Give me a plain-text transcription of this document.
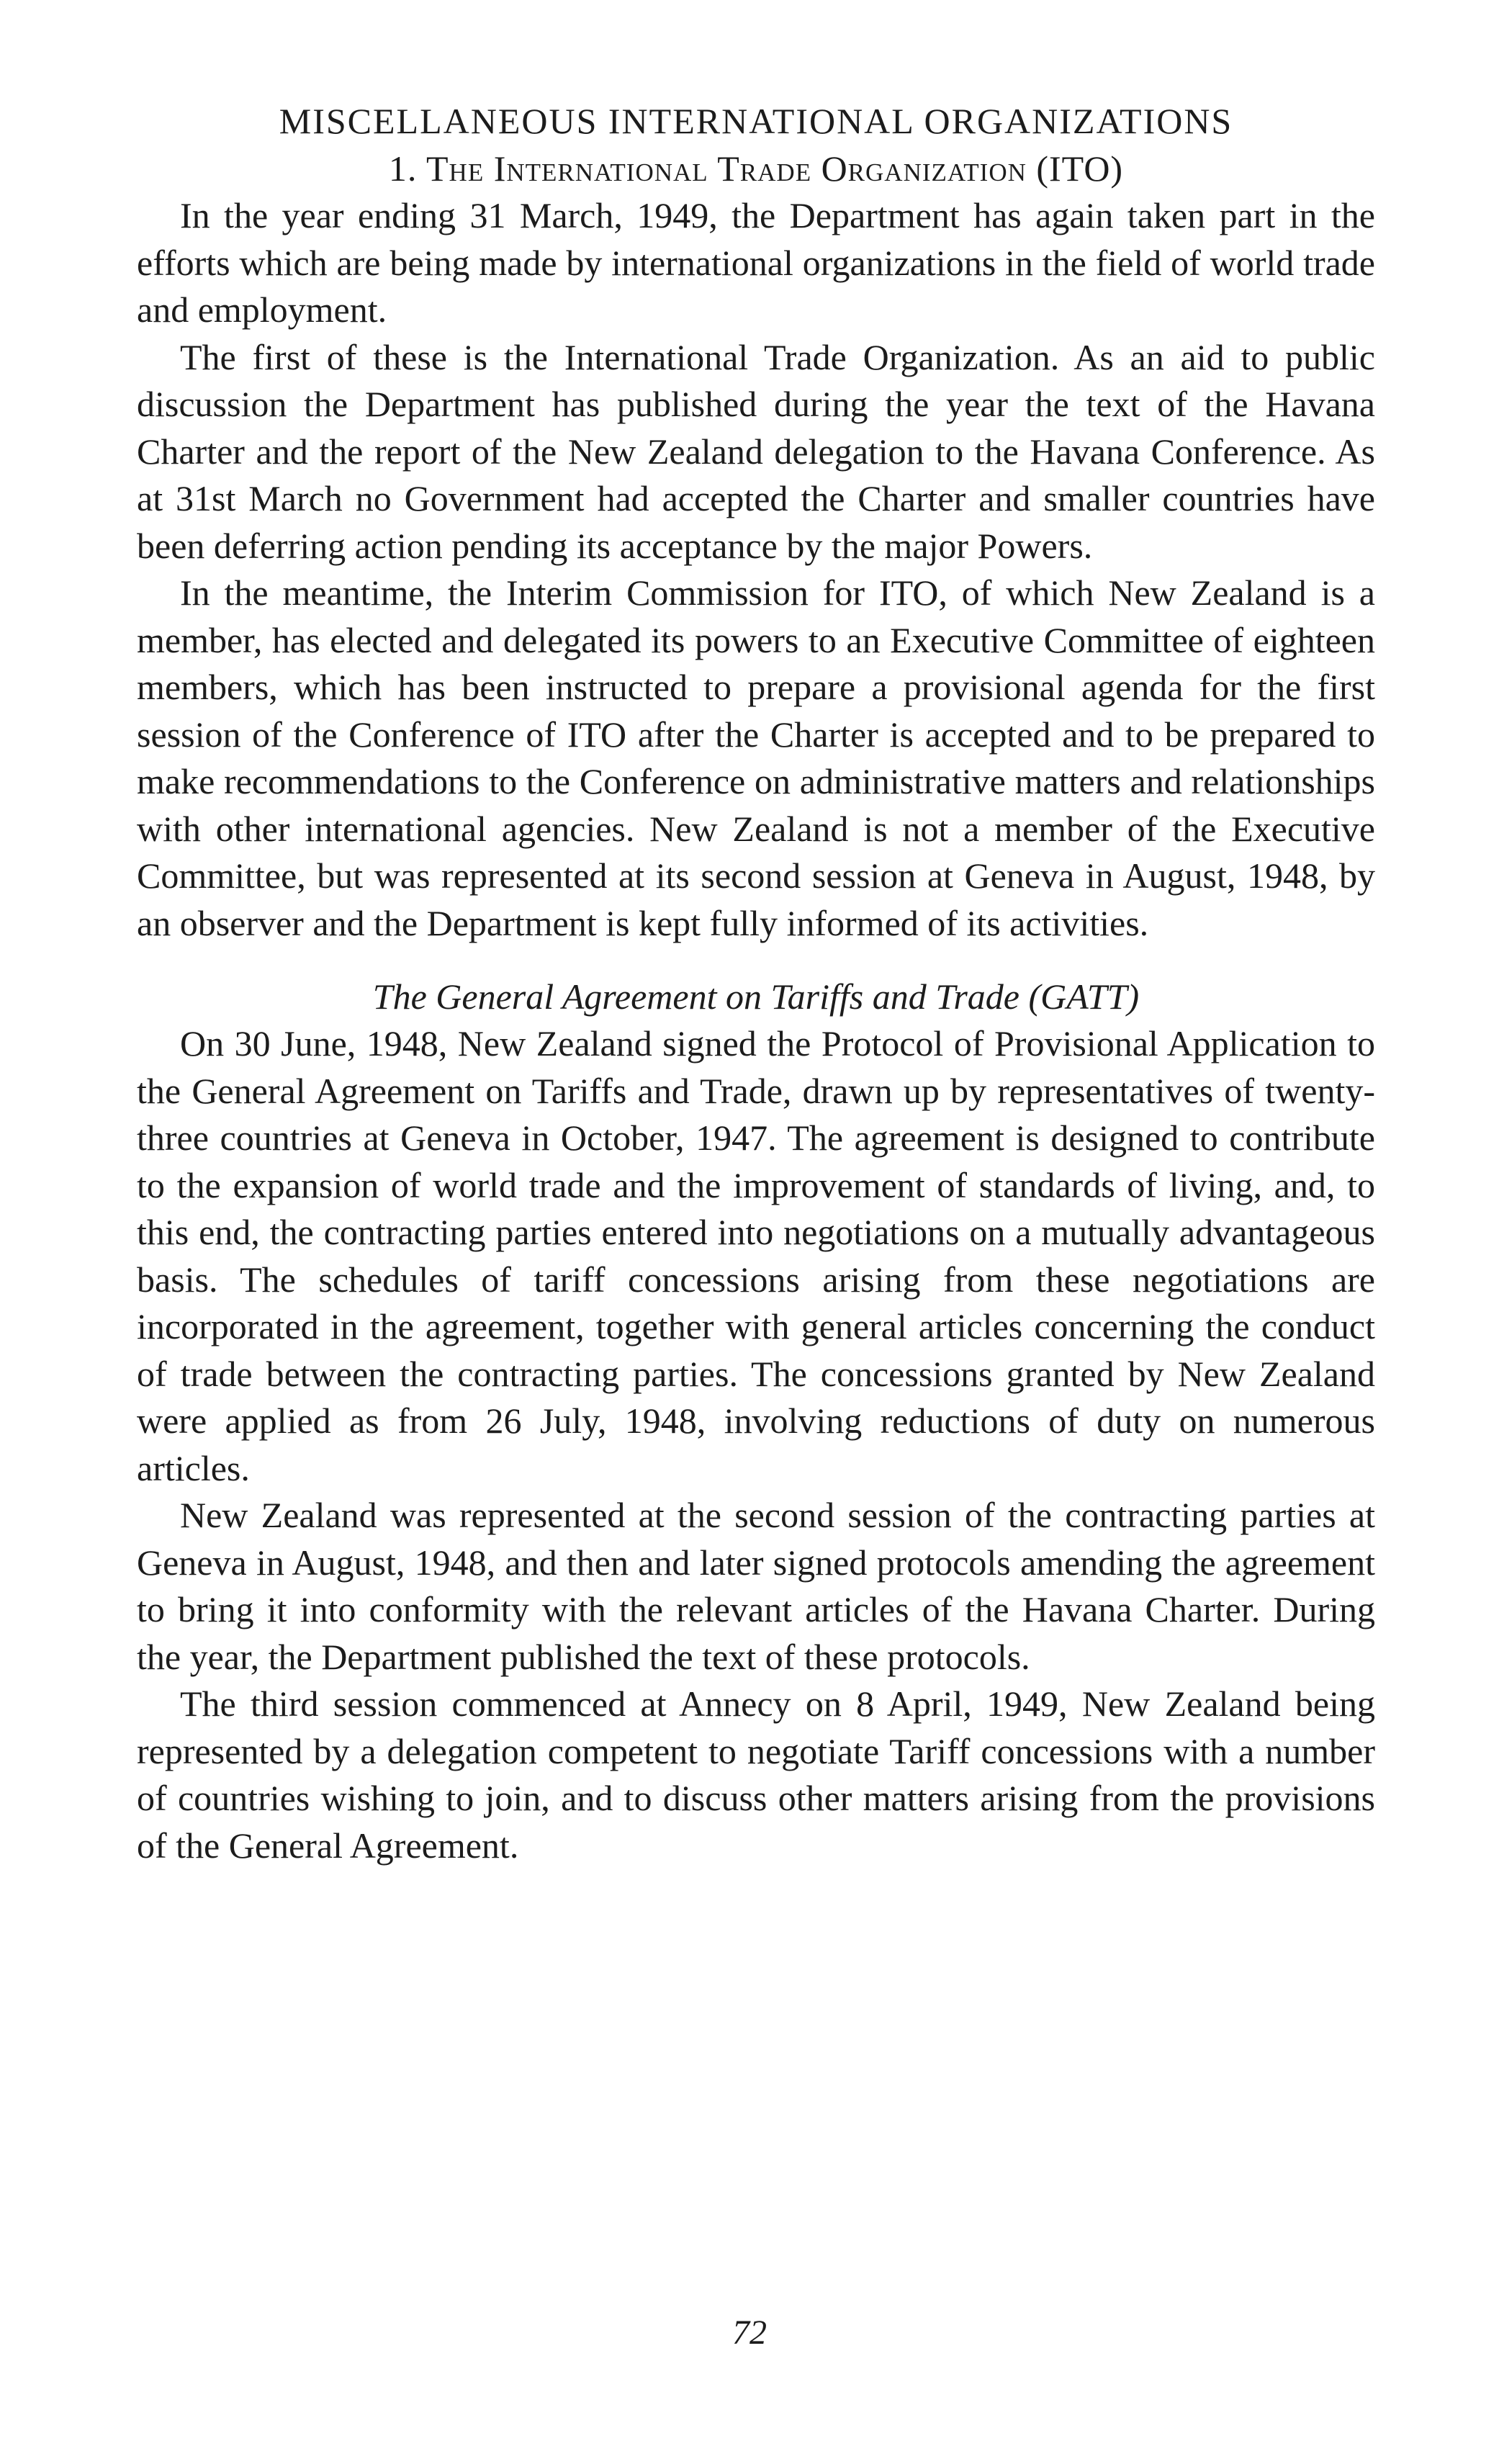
MISCELLANEOUS INTERNATIONAL ORGANIZATIONS
1. The International Trade Organization (ITO)

In the year ending 31 March, 1949, the Department has again taken part in the efforts which are being made by international organizations in the field of world trade and employment.

The first of these is the International Trade Organization. As an aid to public discussion the Department has published during the year the text of the Havana Charter and the report of the New Zealand delegation to the Havana Conference. As at 31st March no Government had accepted the Charter and smaller countries have been deferring action pending its acceptance by the major Powers.

In the meantime, the Interim Commission for ITO, of which New Zealand is a member, has elected and delegated its powers to an Executive Committee of eighteen members, which has been instructed to prepare a provisional agenda for the first session of the Conference of ITO after the Charter is accepted and to be prepared to make recommendations to the Conference on administrative matters and relationships with other international agencies. New Zealand is not a member of the Executive Committee, but was represented at its second session at Geneva in August, 1948, by an observer and the Department is kept fully informed of its activities.

The General Agreement on Tariffs and Trade (GATT)

On 30 June, 1948, New Zealand signed the Protocol of Provisional Application to the General Agreement on Tariffs and Trade, drawn up by representatives of twenty-three countries at Geneva in October, 1947. The agreement is designed to contribute to the expansion of world trade and the improvement of standards of living, and, to this end, the contracting parties entered into negotiations on a mutually advantageous basis. The schedules of tariff concessions arising from these negotiations are incorporated in the agreement, together with general articles concerning the conduct of trade between the contracting parties. The concessions granted by New Zealand were applied as from 26 July, 1948, involving reductions of duty on numerous articles.

New Zealand was represented at the second session of the contracting parties at Geneva in August, 1948, and then and later signed protocols amending the agreement to bring it into conformity with the relevant articles of the Havana Charter. During the year, the Department published the text of these protocols.

The third session commenced at Annecy on 8 April, 1949, New Zealand being represented by a delegation competent to negotiate Tariff concessions with a number of countries wishing to join, and to discuss other matters arising from the provisions of the General Agreement.

72
